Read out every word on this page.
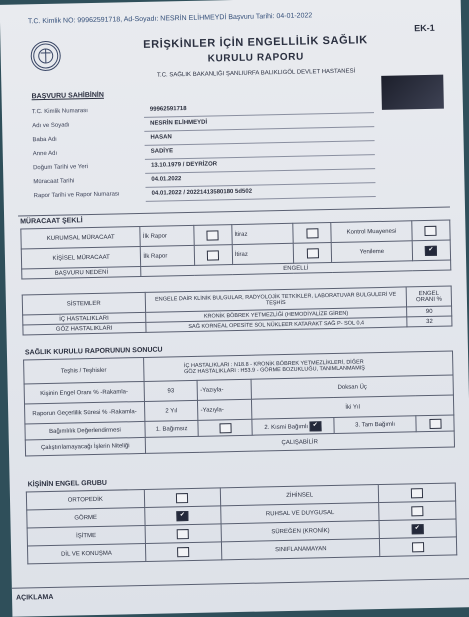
T.C. Kimlik NO: 99962591718, Ad-Soyadı: NESRİN ELİHMEYDİ Başvuru Tarihi: 04-01-2022
EK-1
ERİŞKİNLER İÇİN ENGELLİLİK SAĞLIK
KURULU RAPORU
T.C. SAĞLIK BAKANLIĞI ŞANLIURFA BALIKLIGÖL DEVLET HASTANESİ
BAŞVURU SAHİBİNİN
T.C. Kimlik Numarası	99962591718
Adı ve Soyadı	NESRİN ELİHMEYDİ
Baba Adı	HASAN
Anne Adı	SADİYE
Doğum Tarihi ve Yeri	13.10.1979 / DEYRİZOR
Müracaat Tarihi	04.01.2022
Rapor Tarihi ve Rapor Numarası	04.01.2022 / 20221413580180 5d502
MÜRACAAT ŞEKLİ
KURUMSAL MÜRACAAT	İlk Rapor		İtiraz		Kontrol Muayenesi	
KİŞİSEL MÜRACAAT	İlk Rapor		İtiraz		Yenileme	✔
BAŞVURU NEDENİ	ENGELLİ					
SİSTEMLER	ENGELE DAİR KLİNİK BULGULAR, RADYOLOJİK TETKİKLER, LABORATUVAR BULGULERİ VE TEŞHİS	ENGEL ORANI %
İÇ HASTALIKLARI	KRONİK BÖBREK YETMEZLİĞİ (HEMODİYALİZE GİREN)	90
GÖZ HASTALIKLARI	SAĞ KORNEAL OPESİTE SOL NÜKLEER KATARAKT SAĞ P- SOL 0,4	32
SAĞLIK KURULU RAPORUNUN SONUCU
Teşhis / Teşhisler	İÇ HASTALIKLARI : N18.8 - KRONİK BÖBREK YETMEZLİKLERİ, DİĞER
GÖZ HASTALIKLARI : H53.9 - GÖRME BOZUKLUĞU, TANIMLANMAMIŞ				
Kişinin Engel Oranı % -Rakamla-	93	-Yazıyla-	Doksan Üç		
Raporun Geçerlilik Süresi % -Rakamla-	2 Yıl	-Yazıyla-	İki Yıl		
Bağımlılık Değerlendirmesi	1. Bağımsız		2. Kısmi Bağımlı ✔	3. Tam Bağımlı	
Çalıştırılamayacağı İşlerin Niteliği	ÇALIŞABİLİR				
KİŞİNİN ENGEL GRUBU
ORTOPEDİK		ZİHİNSEL	
GÖRME	✔	RUHSAL VE DUYGUSAL	
İŞİTME		SÜREĞEN (KRONİK)	✔
DİL VE KONUŞMA		SINIFLANAMAYAN	
AÇIKLAMA
